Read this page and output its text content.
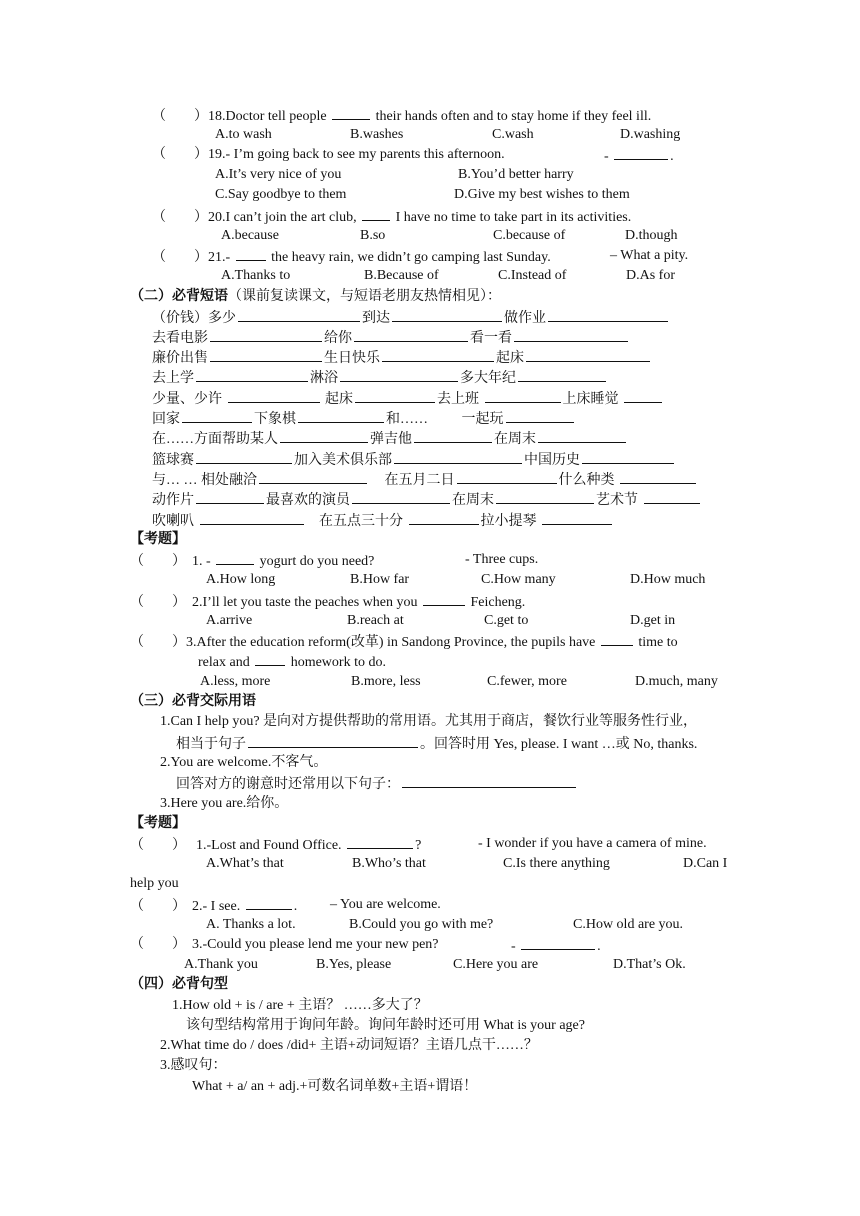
（　　）18.Doctor tell people	their hands often and to stay home if they feel ill.
A.to wash	B.washes	C.wash	D.washing
（　　）19.- I’m going back to see my parents this afternoon.	-	.
A.It’s very nice of you	B.You’d better harry
C.Say goodbye to them	D.Give my best wishes to them
（　　）20.I can’t join the art club,	I have no time to take part in its activities.
A.because	B.so	C.because of	D.though
（　　）21.-	the heavy rain, we didn’t go camping last Sunday.	– What a pity.
A.Thanks to	B.Because of	C.Instead of	D.As for
（二）必背短语（课前复读课文，与短语老朋友热情相见）：
（价钱）多少	到达	做作业
去看电影	给你	看一看
廉价出售	生日快乐	起床
去上学	淋浴	多大年纪
少量、少许	起床	去上班	上床睡觉
回家	下象棋	和…… 一起玩
在……方面帮助某人	弹吉他	在周末
篮球赛	加入美术俱乐部	中国历史
与… … 相处融洽	在五月二日	什么种类
动作片	最喜欢的演员	在周末	艺术节
吹喇叭	在五点三十分	拉小提琴
【考题】
（　　） 1. -	yogurt do you need?	- Three cups.
A.How long	B.How far	C.How many	D.How much
（　　） 2.I’ll let you taste the peaches when you	Feicheng.
A.arrive	B.reach at	C.get to	D.get in
（　　）3.After the education reform(改革) in Sandong Province, the pupils have	time to
relax and	homework to do.
A.less, more	B.more, less	C.fewer, more	D.much, many
（三）必背交际用语
1.Can I help you? 是向对方提供帮助的常用语。尤其用于商店，餐饮行业等服务性行业，
相当于句子	。回答时用 Yes, please. I want …或 No, thanks.
2.You are welcome.不客气。
回答对方的谢意时还常用以下句子：
3.Here you are.给你。
【考题】
（　　） 1.-Lost and Found Office.	?	- I wonder if you have a camera of mine.
A.What’s that	B.Who’s that	C.Is there anything	D.Can I
help you
（　　） 2.- I see.	. – You are welcome.
A. Thanks a lot.	B.Could you go with me?	C.How old are you.
（　　） 3.-Could you please lend me your new pen?	-	.
A.Thank you	B.Yes, please	C.Here you are	D.That’s Ok.
（四）必背句型
1.How old + is / are + 主语？ ……多大了？
该句型结构常用于询问年龄。询问年龄时还可用 What is your age?
2.What time do / does /did+ 主语+动词短语？主语几点干……？
3.感叹句：
What + a/ an + adj.+可数名词单数+主语+谓语！
